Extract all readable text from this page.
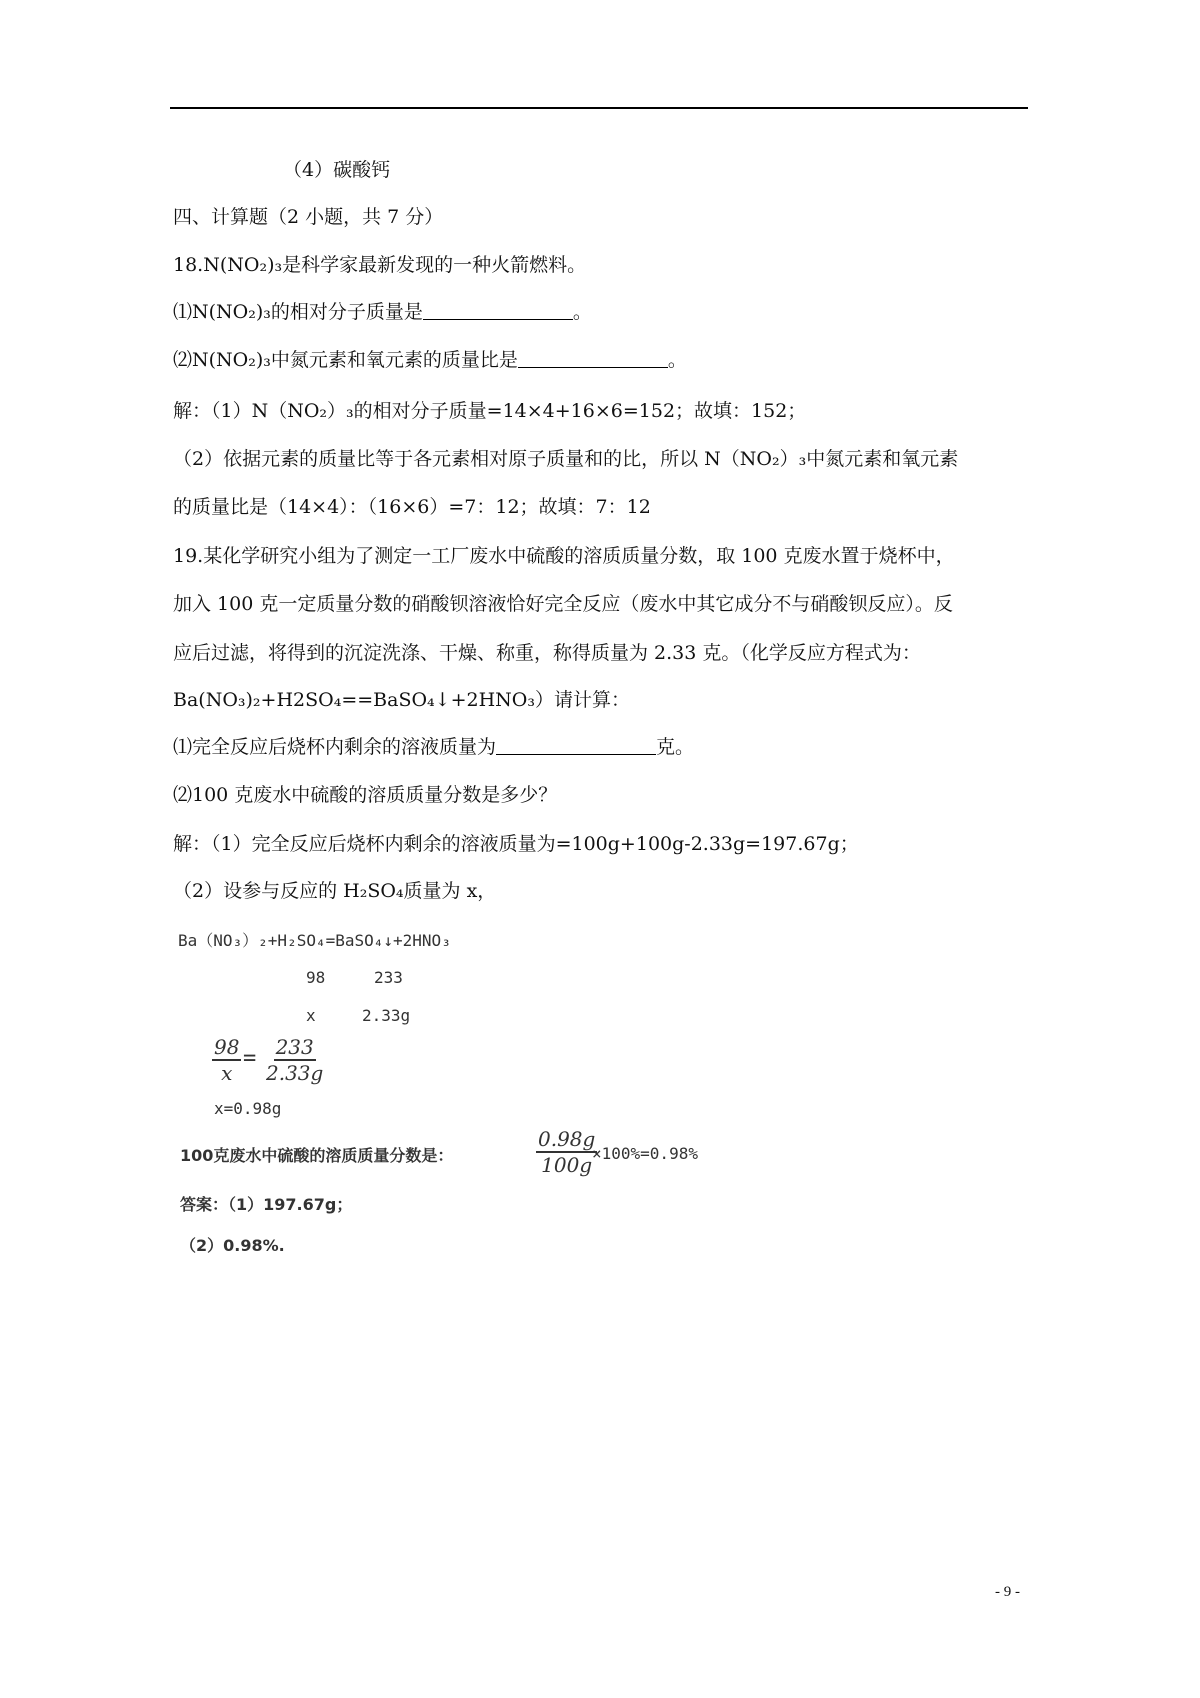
（4）碳酸钙
四、计算题（2 小题，共 7 分）
18.N(NO₂)₃是科学家最新发现的一种火箭燃料。
⑴N(NO₂)₃的相对分子质量是	。
⑵N(NO₂)₃中氮元素和氧元素的质量比是	。
解：（1）N（NO₂）₃的相对分子质量=14×4+16×6=152；故填：152；
（2）依据元素的质量比等于各元素相对原子质量和的比，所以 N（NO₂）₃中氮元素和氧元素
的质量比是（14×4）：（16×6）=7：12；故填：7：12
19.某化学研究小组为了测定一工厂废水中硫酸的溶质质量分数，取 100 克废水置于烧杯中，
加入 100 克一定质量分数的硝酸钡溶液恰好完全反应（废水中其它成分不与硝酸钡反应）。反
应后过滤，将得到的沉淀洗涤、干燥、称重，称得质量为 2.33 克。（化学反应方程式为：
Ba(NO₃)₂+H2SO₄==BaSO₄↓+2HNO₃）请计算：
⑴完全反应后烧杯内剩余的溶液质量为	克。
⑵100 克废水中硫酸的溶质质量分数是多少？
解：（1）完全反应后烧杯内剩余的溶液质量为=100g+100g-2.33g=197.67g；
（2）设参与反应的 H₂SO₄质量为 x，
Ba（NO₃）₂+H₂SO₄=BaSO₄↓+2HNO₃
98	233
x	2.33g
$\frac{98}{x} = \frac{233}{2.33g}$
x=0.98g
100克废水中硫酸的溶质质量分数是：	$\frac{0.98g}{100g}$
×100%=0.98%
答案：（1）197.67g；
（2）0.98%.
- 9 -
